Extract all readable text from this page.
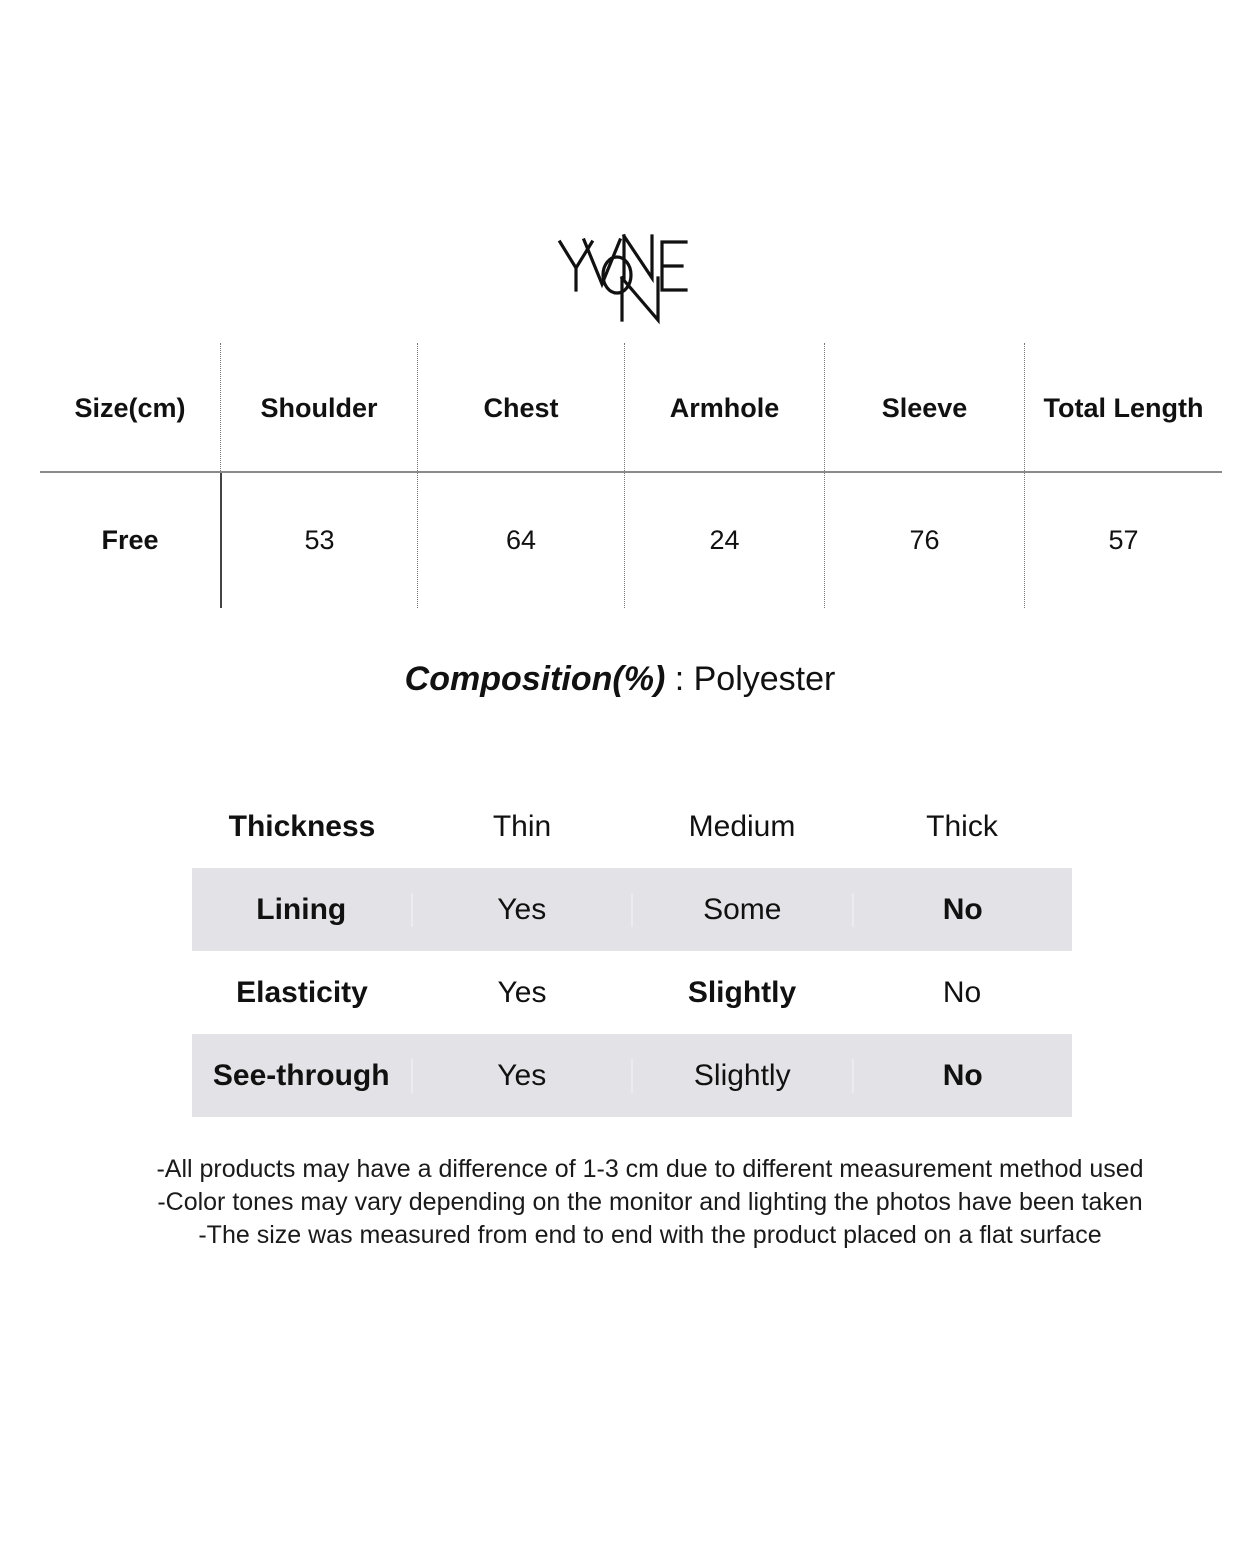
Size(cm)	Shoulder	Chest	Armhole	Sleeve	Total Length
Free	53	64	24	76	57
Composition(%) : Polyester
Thickness	Thin	Medium	Thick
Lining	Yes	Some	No
Elasticity	Yes	Slightly	No
See-through	Yes	Slightly	No
-All products may have a difference of 1-3 cm due to different measurement method used
-Color tones may vary depending on the monitor and lighting the photos have been taken
-The size was measured from end to end with the product placed on a flat surface
